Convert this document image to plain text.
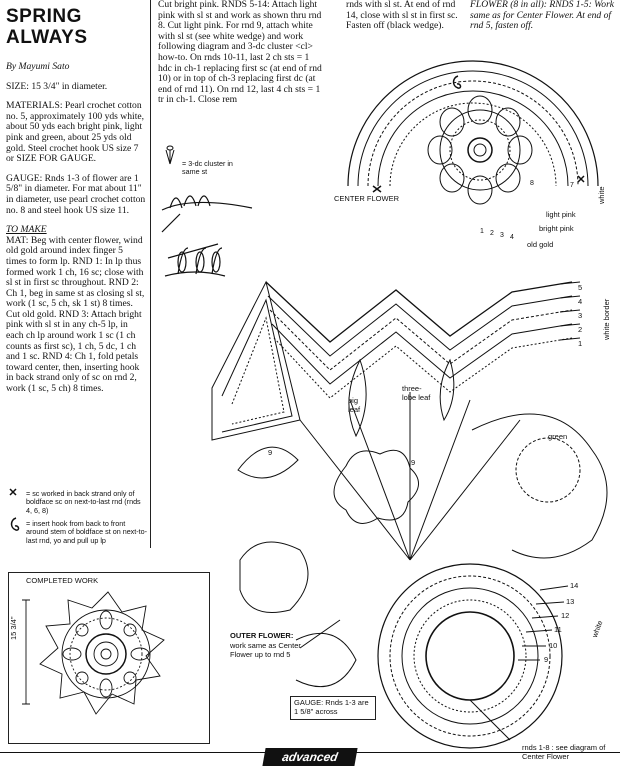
SPRING
ALWAYS

By Mayumi Sato

SIZE: 15 3/4" in diameter.

MATERIALS: Pearl crochet cotton no. 5, approximately 100 yds white, about 50 yds each bright pink, light pink and green, about 25 yds old gold. Steel crochet hook US size 7 or SIZE FOR GAUGE.

GAUGE: Rnds 1-3 of flower are 1 5/8" in diameter. For mat about 11" in diameter, use pearl crochet cotton no. 8 and steel hook US size 11.

TO MAKE

MAT: Beg with center flower, wind old gold around index finger 5 times to form lp. RND 1: In lp thus formed work 1 ch, 16 sc; close with sl st in first sc throughout. RND 2: Ch 1, beg in same st as closing sl st, work (1 sc, 5 ch, sk 1 st) 8 times. Cut old gold. RND 3: Attach bright pink with sl st in any ch-5 lp, in each ch lp around work 1 sc (1 ch counts as first sc), 1 ch, 5 dc, 1 ch and 1 sc. RND 4: Ch 1, fold petals toward center, then, inserting hook in back strand only of sc on rnd 2, work (1 sc, 5 ch) 8 times.

Cut bright pink. RNDS 5-14: Attach light pink with sl st and work as shown thru rnd 8. Cut light pink. For rnd 9, attach white with sl st (see white wedge) and work following diagram and 3-dc cluster <cl> how-to. On rnds 10-11, last 2 ch sts = 1 hdc in ch-1 replacing first sc (at end of rnd 10) or in top of ch-3 replacing first dc (at end of rnd 11). On rnd 12, last 4 ch sts = 1 tr in ch-1. Close rem

rnds with sl st. At end of rnd 14, close with sl st in first sc. Fasten off (black wedge).

FLOWER (8 in all): RNDS 1-5: Work same as for Center Flower. At end of rnd 5, fasten off.

= 3-dc cluster in same st
= sc worked in back strand only of boldface sc on next-to-last rnd (rnds 4, 6, 8)
= insert hook from back to front around stem of boldface st on next-to-last rnd, yo and pull up lp
COMPLETED WORK
15 3/4"
CENTER FLOWER
light pink
bright pink
old gold
white
white border
big leaf
three-lobe leaf
green
white
OUTER FLOWER:
work same as Center Flower up to rnd 5
GAUGE: Rnds 1-3 are 1 5/8" across
rnds 1-8 : see diagram of Center Flower
5
4
3
2
1
14
13
12
11
10
9
1 2 3 4
8	7
9
9
advanced
